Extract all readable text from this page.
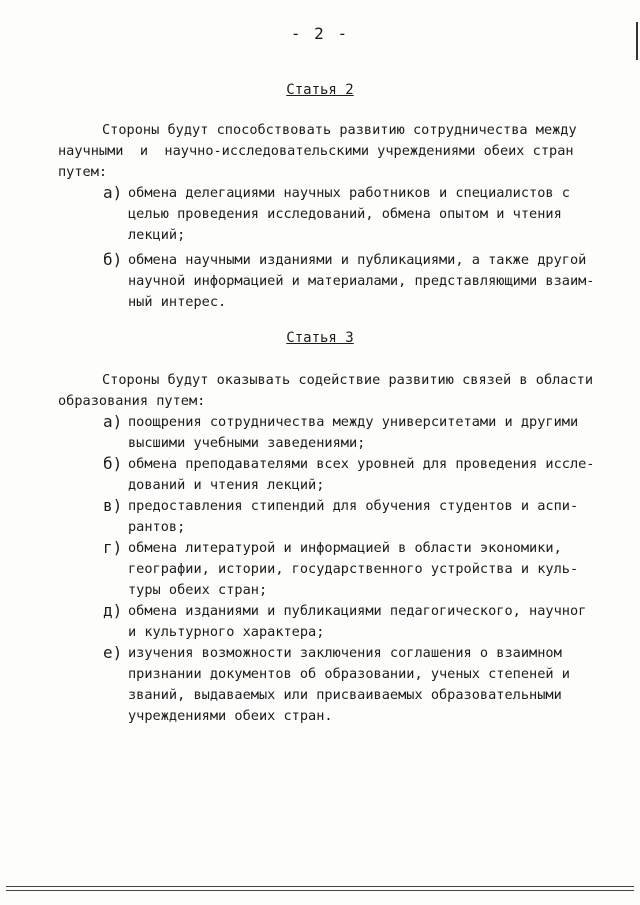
- 2 -
Статья 2
Стороны будут способствовать развитию сотрудничества между
научными  и  научно-исследовательскими учреждениями обеих стран
путем:
а) обмена делегациями научных работников и специалистов с
целью проведения исследований, обмена опытом и чтения
лекций;
б) обмена научными изданиями и публикациями, а также другой
научной информацией и материалами, представляющими взаим-
ный интерес.
Статья 3
Стороны будут оказывать содействие развитию связей в области
образования путем:
а) поощрения сотрудничества между университетами и другими
высшими учебными заведениями;
б) обмена преподавателями всех уровней для проведения иссле-
дований и чтения лекций;
в) предоставления стипендий для обучения студентов и аспи-
рантов;
г) обмена литературой и информацией в области экономики,
географии, истории, государственного устройства и куль-
туры обеих стран;
д) обмена изданиями и публикациями педагогического, научног
и культурного характера;
е) изучения возможности заключения соглашения о взаимном
признании документов об образовании, ученых степеней и
званий, выдаваемых или присваиваемых образовательными
учреждениями обеих стран.
